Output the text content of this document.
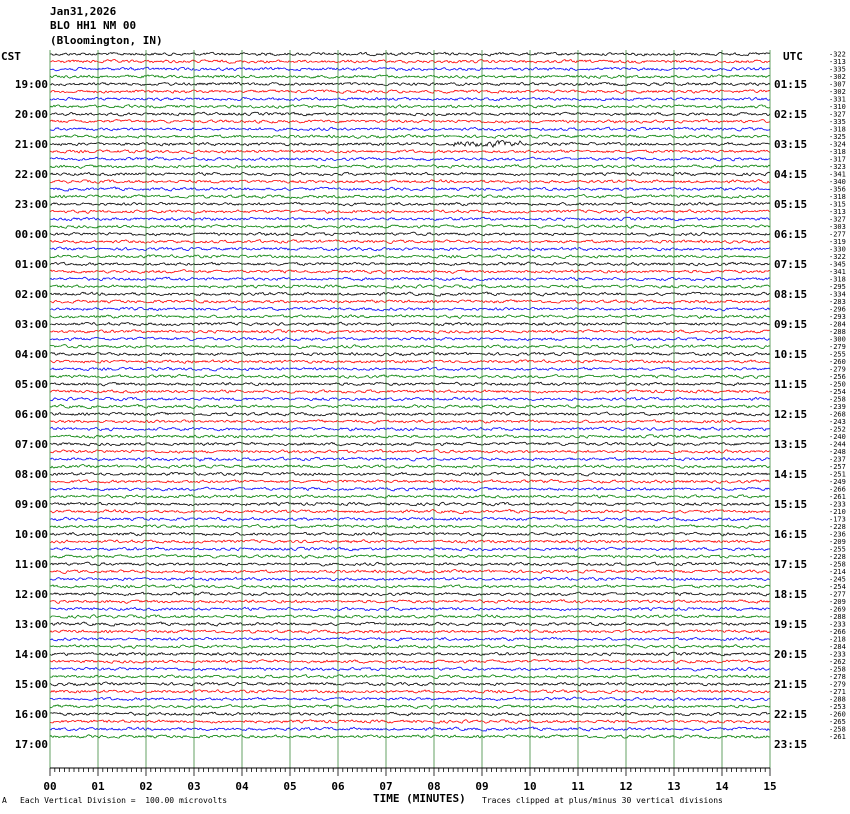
00	01	02	03	04	05	06	07	08	09	10	11	12	13	14	15
19:00
20:00
21:00
22:00
23:00
00:00
01:00
02:00
03:00
04:00
05:00
06:00
07:00
08:00
09:00
10:00
11:00
12:00
13:00
14:00
15:00
16:00
17:00
01:15
02:15
03:15
04:15
05:15
06:15
07:15
08:15
09:15
10:15
11:15
12:15
13:15
14:15
15:15
16:15
17:15
18:15
19:15
20:15
21:15
22:15
23:15
-322
-313
-335
-302
-307
-302
-331
-310
-327
-335
-318
-325
-324
-318
-317
-323
-341
-340
-356
-318
-315
-313
-327
-303
-277
-319
-330
-322
-345
-341
-318
-295
-334
-283
-296
-293
-284
-288
-300
-279
-255
-260
-279
-256
-250
-254
-258
-239
-268
-243
-252
-240
-244
-248
-237
-257
-251
-249
-266
-261
-233
-210
-173
-228
-236
-209
-255
-228
-258
-214
-245
-254
-277
-209
-269
-288
-233
-266
-218
-284
-233
-262
-258
-278
-279
-271
-288
-253
-260
-265
-258
-261
Jan31,2026
BLO HH1 NM 00
(Bloomington, IN)
CST	UTC
TIME (MINUTES)
A Each Vertical Division =  100.00 microvolts	Traces clipped at plus/minus 30 vertical divisions
